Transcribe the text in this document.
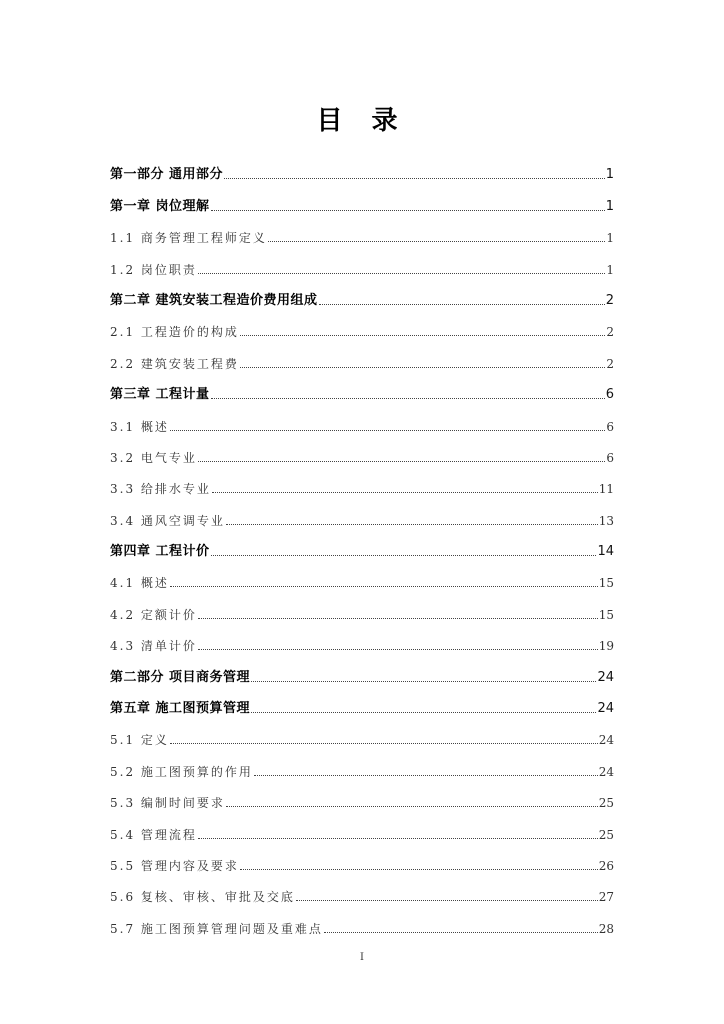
目 录
第一部分 通用部分	1
第一章 岗位理解	1
1.1 商务管理工程师定义	1
1.2 岗位职责	1
第二章 建筑安装工程造价费用组成	2
2.1 工程造价的构成	2
2.2 建筑安装工程费	2
第三章 工程计量	6
3.1 概述	6
3.2 电气专业	6
3.3 给排水专业	11
3.4 通风空调专业	13
第四章 工程计价	14
4.1 概述	15
4.2 定额计价	15
4.3 清单计价	19
第二部分 项目商务管理	24
第五章 施工图预算管理	24
5.1 定义	24
5.2 施工图预算的作用	24
5.3 编制时间要求	25
5.4 管理流程	25
5.5 管理内容及要求	26
5.6 复核、审核、审批及交底	27
5.7 施工图预算管理问题及重难点	28
I
